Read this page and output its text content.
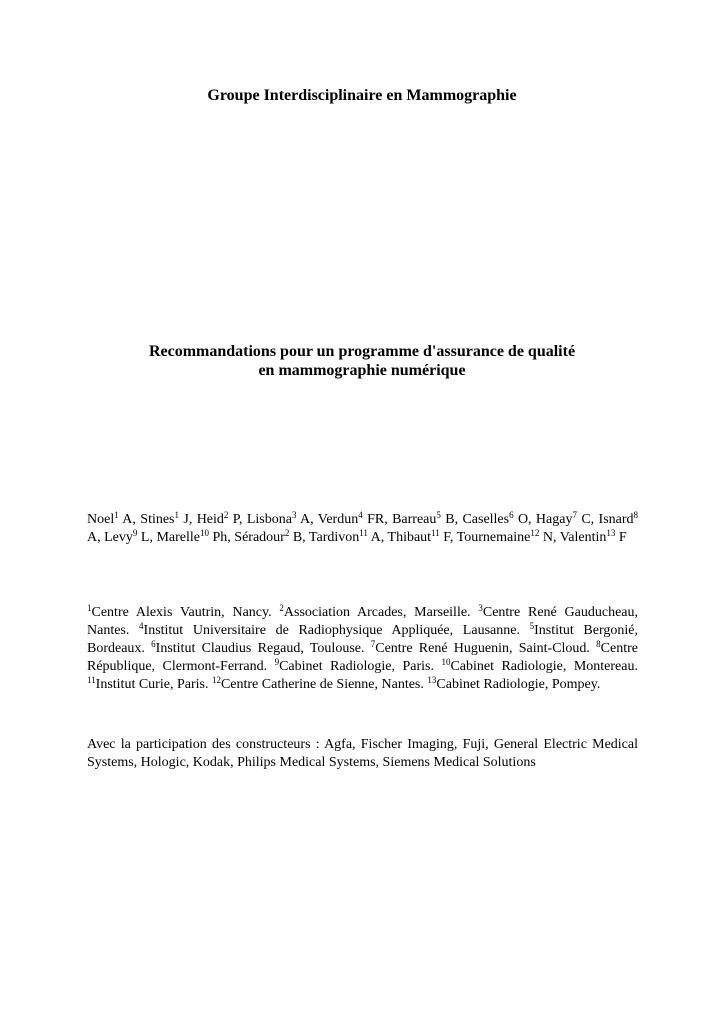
Groupe Interdisciplinaire en Mammographie
Recommandations pour un programme d'assurance de qualité
en mammographie numérique

Noel$^1$ A, Stines$^1$ J, Heid$^2$ P, Lisbona$^3$ A, Verdun$^4$ FR, Barreau$^5$ B, Caselles$^6$ O, Hagay$^7$ C, Isnard$^8$ A, Levy$^9$ L, Marelle$^{10}$ Ph, Séradour$^2$ B, Tardivon$^{11}$ A, Thibaut$^{11}$ F, Tournemaine$^{12}$ N, Valentin$^{13}$ F

$^1$Centre Alexis Vautrin, Nancy. $^2$Association Arcades, Marseille. $^3$Centre René Gauducheau, Nantes. $^4$Institut Universitaire de Radiophysique Appliquée, Lausanne. $^5$Institut Bergonié, Bordeaux. $^6$Institut Claudius Regaud, Toulouse. $^7$Centre René Huguenin, Saint-Cloud. $^8$Centre République, Clermont-Ferrand. $^9$Cabinet Radiologie, Paris. $^{10}$Cabinet Radiologie, Montereau. $^{11}$Institut Curie, Paris. $^{12}$Centre Catherine de Sienne, Nantes. $^{13}$Cabinet Radiologie, Pompey.

Avec la participation des constructeurs : Agfa, Fischer Imaging, Fuji, General Electric Medical Systems, Hologic, Kodak, Philips Medical Systems, Siemens Medical Solutions
